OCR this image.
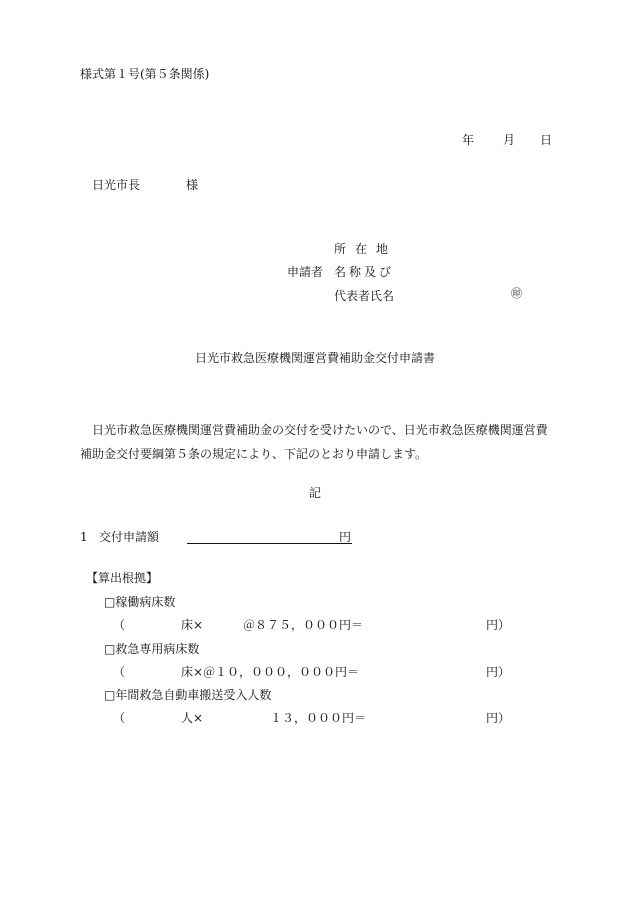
様式第１号(第５条関係)
年 月 日
日光市長	様
所在地
申請者 名称及び
代表者氏名	㊞
日光市救急医療機関運営費補助金交付申請書
日光市救急医療機関運営費補助金の交付を受けたいので、日光市救急医療機関運営費補助金交付要綱第５条の規定により、下記のとおり申請します。
記
1 交付申請額	円
【算出根拠】
□稼働病床数
（	床×	＠８７５，０００円＝	円）
□救急専用病床数
（	床×＠１０，０００，０００円＝	円）
□年間救急自動車搬送受入人数
（	人×	１３，０００円＝	円）
